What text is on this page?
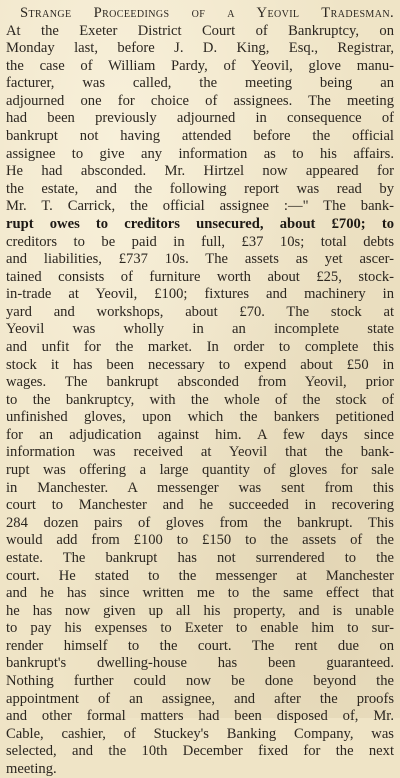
Strange Proceedings of a Yeovil Tradesman.
At the Exeter District Court of Bankruptcy, on
Monday last, before J. D. King, Esq., Registrar,
the case of William Pardy, of Yeovil, glove manu-
facturer, was called, the meeting being an
adjourned one for choice of assignees. The meeting
had been previously adjourned in consequence of
bankrupt not having attended before the official
assignee to give any information as to his affairs.
He had absconded. Mr. Hirtzel now appeared for
the estate, and the following report was read by
Mr. T. Carrick, the official assignee :—" The bank-
rupt owes to creditors unsecured, about £700; to
creditors to be paid in full, £37 10s; total debts
and liabilities, £737 10s. The assets as yet ascer-
tained consists of furniture worth about £25, stock-
in-trade at Yeovil, £100; fixtures and machinery in
yard and workshops, about £70. The stock at
Yeovil was wholly in an incomplete state
and unfit for the market. In order to complete this
stock it has been necessary to expend about £50 in
wages. The bankrupt absconded from Yeovil, prior
to the bankruptcy, with the whole of the stock of
unfinished gloves, upon which the bankers petitioned
for an adjudication against him. A few days since
information was received at Yeovil that the bank-
rupt was offering a large quantity of gloves for sale
in Manchester. A messenger was sent from this
court to Manchester and he succeeded in recovering
284 dozen pairs of gloves from the bankrupt. This
would add from £100 to £150 to the assets of the
estate. The bankrupt has not surrendered to the
court. He stated to the messenger at Manchester
and he has since written me to the same effect that
he has now given up all his property, and is unable
to pay his expenses to Exeter to enable him to sur-
render himself to the court. The rent due on
bankrupt's dwelling-house has been guaranteed.
Nothing further could now be done beyond the
appointment of an assignee, and after the proofs
and other formal matters had been disposed of, Mr.
Cable, cashier, of Stuckey's Banking Company, was
selected, and the 10th December fixed for the next
meeting.
